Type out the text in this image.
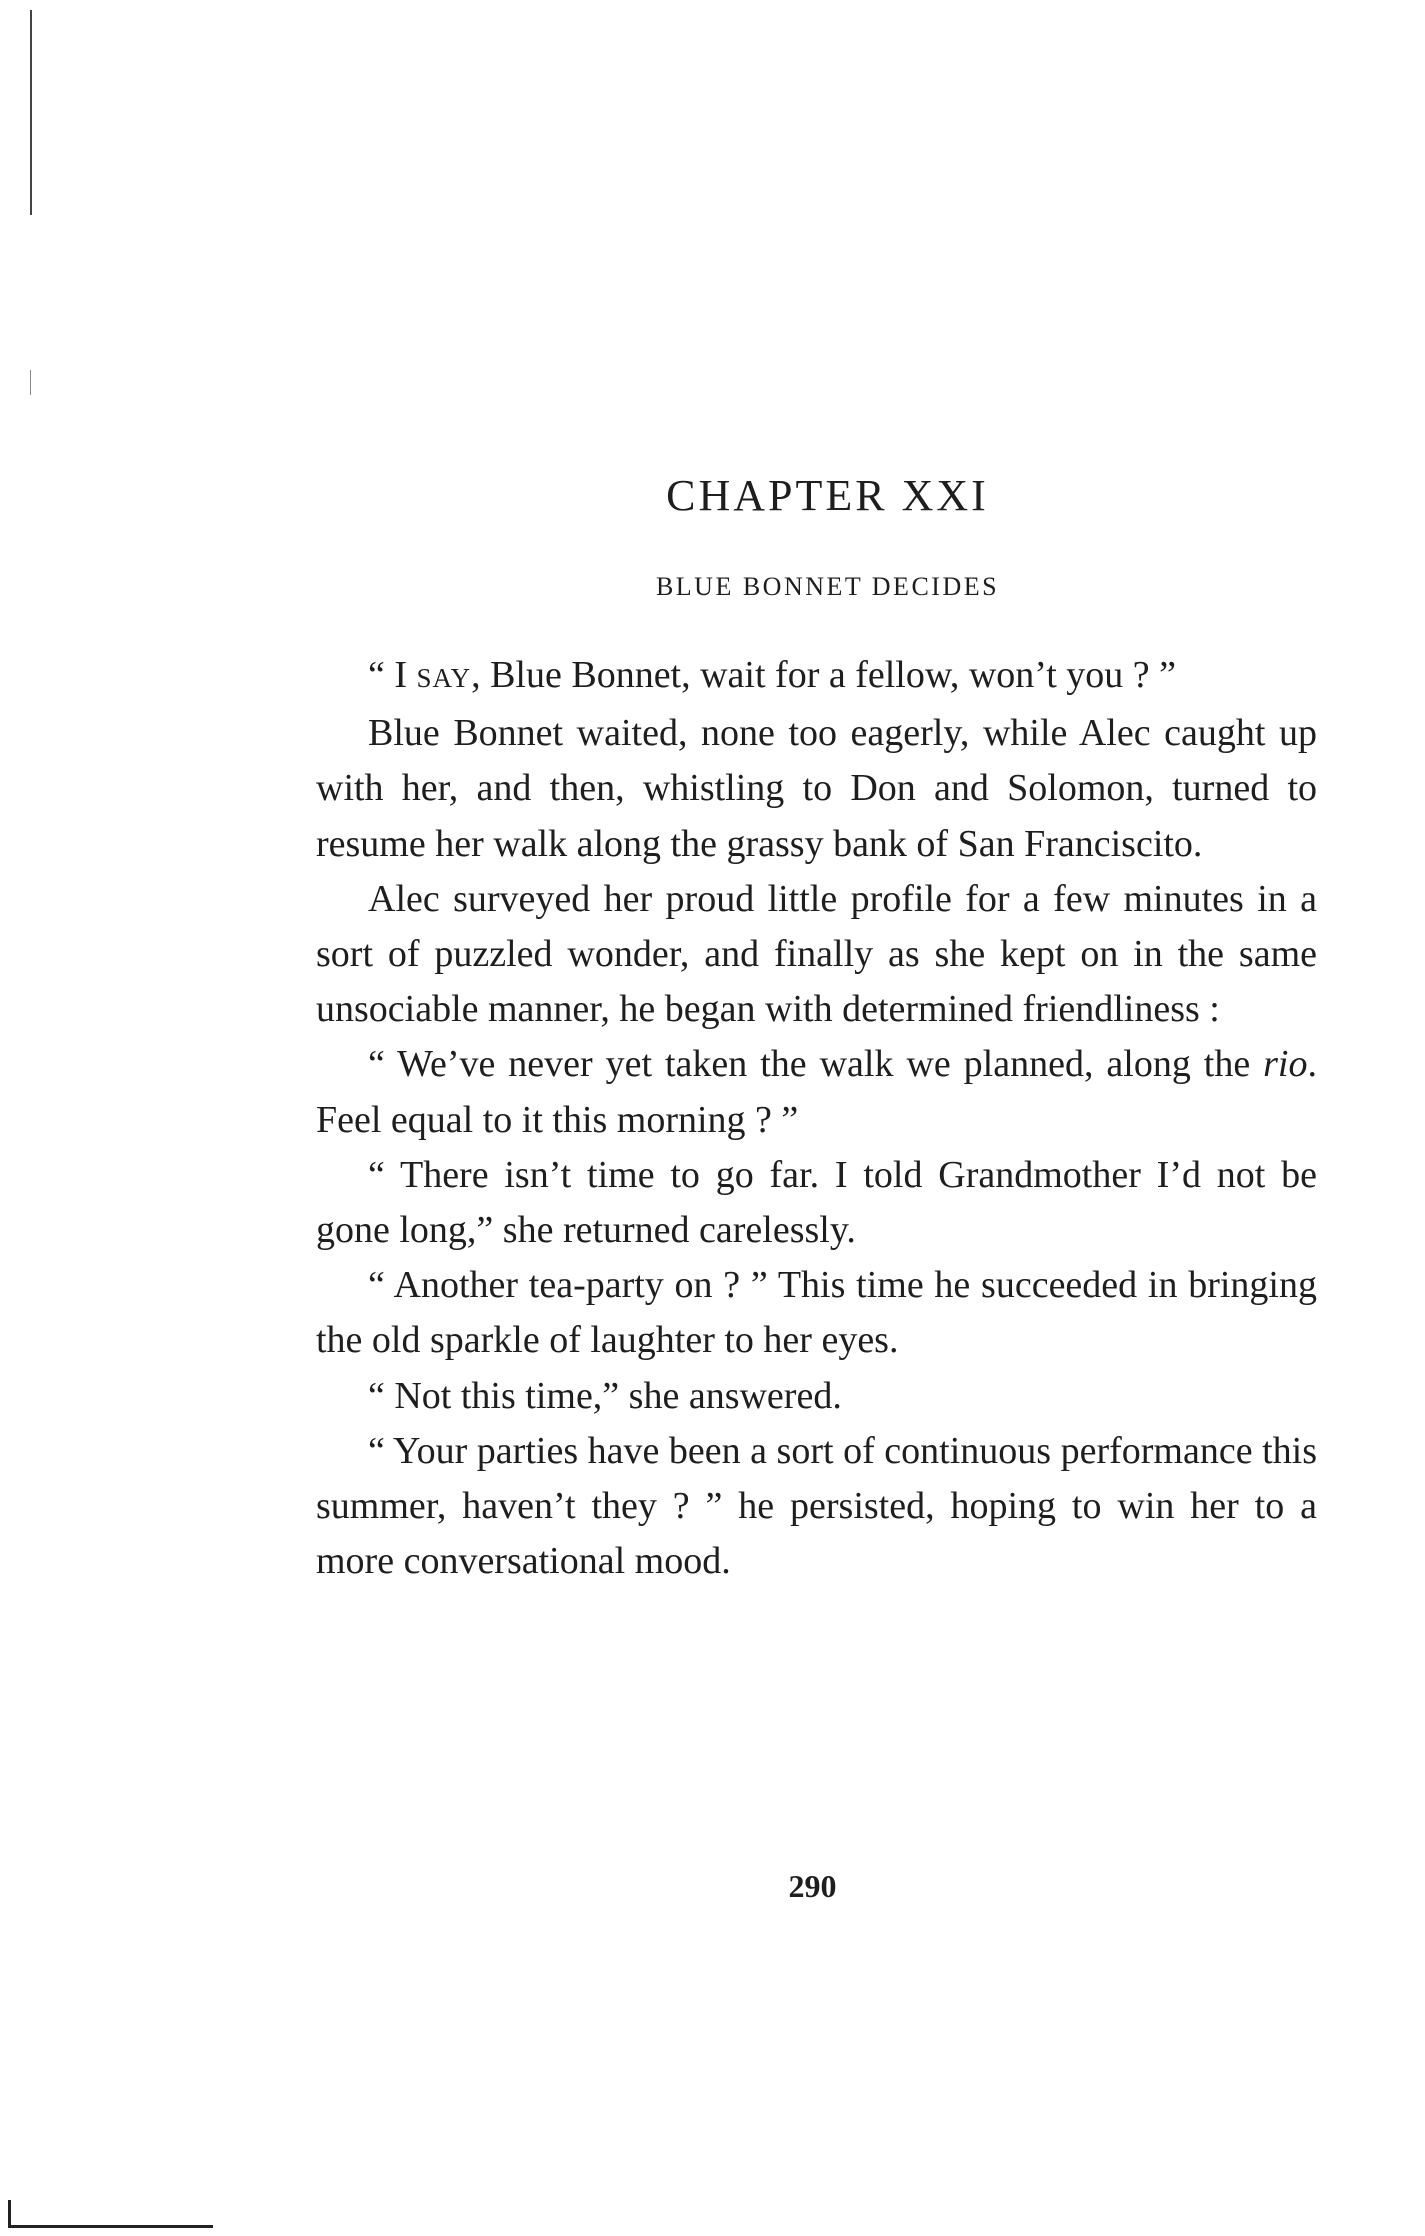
CHAPTER XXI
BLUE BONNET DECIDES

“ I SAY, Blue Bonnet, wait for a fellow, won’t you ? ”

Blue Bonnet waited, none too eagerly, while Alec caught up with her, and then, whistling to Don and Solomon, turned to resume her walk along the grassy bank of San Franciscito.

Alec surveyed her proud little profile for a few minutes in a sort of puzzled wonder, and finally as she kept on in the same unsociable manner, he began with determined friendliness :

“ We’ve never yet taken the walk we planned, along the rio. Feel equal to it this morning ? ”

“ There isn’t time to go far. I told Grandmother I’d not be gone long,” she returned carelessly.

“ Another tea-party on ? ” This time he succeeded in bringing the old sparkle of laughter to her eyes.

“ Not this time,” she answered.

“ Your parties have been a sort of continuous performance this summer, haven’t they ? ” he persisted, hoping to win her to a more conversational mood.

290
